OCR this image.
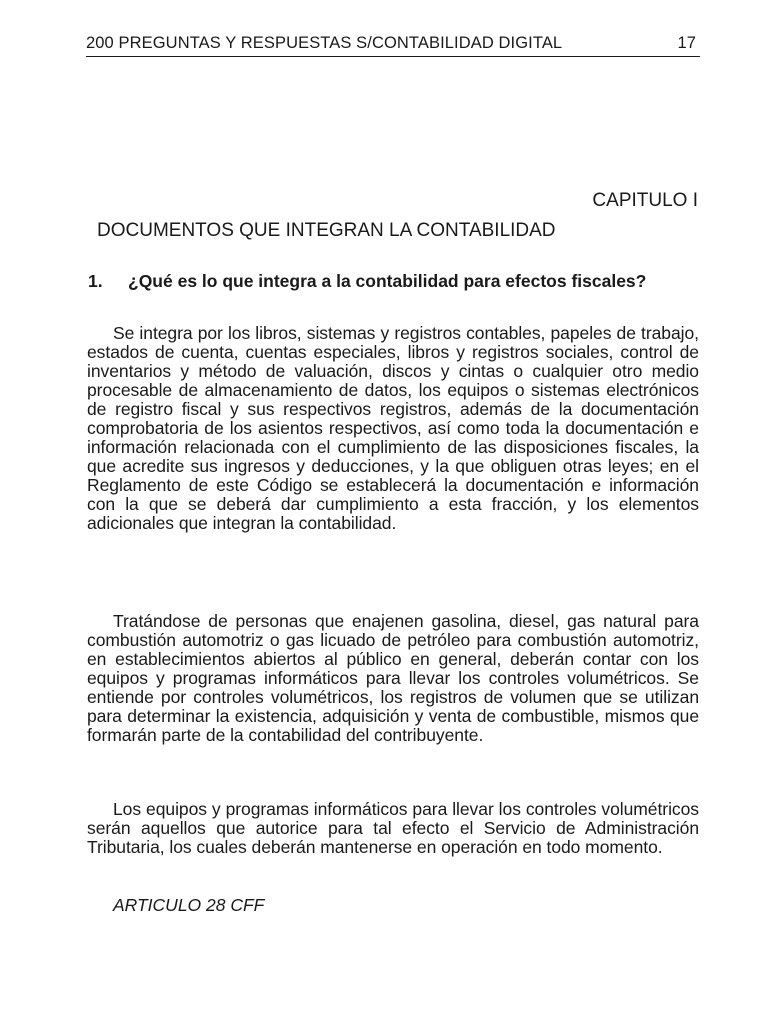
200 PREGUNTAS Y RESPUESTAS S/CONTABILIDAD DIGITAL	17
CAPITULO I
DOCUMENTOS QUE INTEGRAN LA CONTABILIDAD
1. ¿Qué es lo que integra a la contabilidad para efectos fiscales?

Se integra por los libros, sistemas y registros contables, papeles de trabajo, estados de cuenta, cuentas especiales, libros y registros sociales, control de inventarios y método de valuación, discos y cintas o cualquier otro medio procesable de almacenamiento de datos, los equipos o sistemas electrónicos de registro fiscal y sus respectivos registros, además de la documentación comprobatoria de los asientos respectivos, así como toda la documentación e información relacionada con el cumplimiento de las disposiciones fiscales, la que acredite sus ingresos y deducciones, y la que obliguen otras leyes; en el Reglamento de este Código se establecerá la documentación e información con la que se deberá dar cumplimiento a esta fracción, y los elementos adicionales que integran la contabilidad.

Tratándose de personas que enajenen gasolina, diesel, gas natural para combustión automotriz o gas licuado de petróleo para combustión automotriz, en establecimientos abiertos al público en general, deberán contar con los equipos y programas informáticos para llevar los controles volumétricos. Se entiende por controles volumétricos, los registros de volumen que se utilizan para determinar la existencia, adquisición y venta de combustible, mismos que formarán parte de la contabilidad del contribuyente.

Los equipos y programas informáticos para llevar los controles volumétricos serán aquellos que autorice para tal efecto el Servicio de Administración Tributaria, los cuales deberán mantenerse en operación en todo momento.

ARTICULO 28 CFF
